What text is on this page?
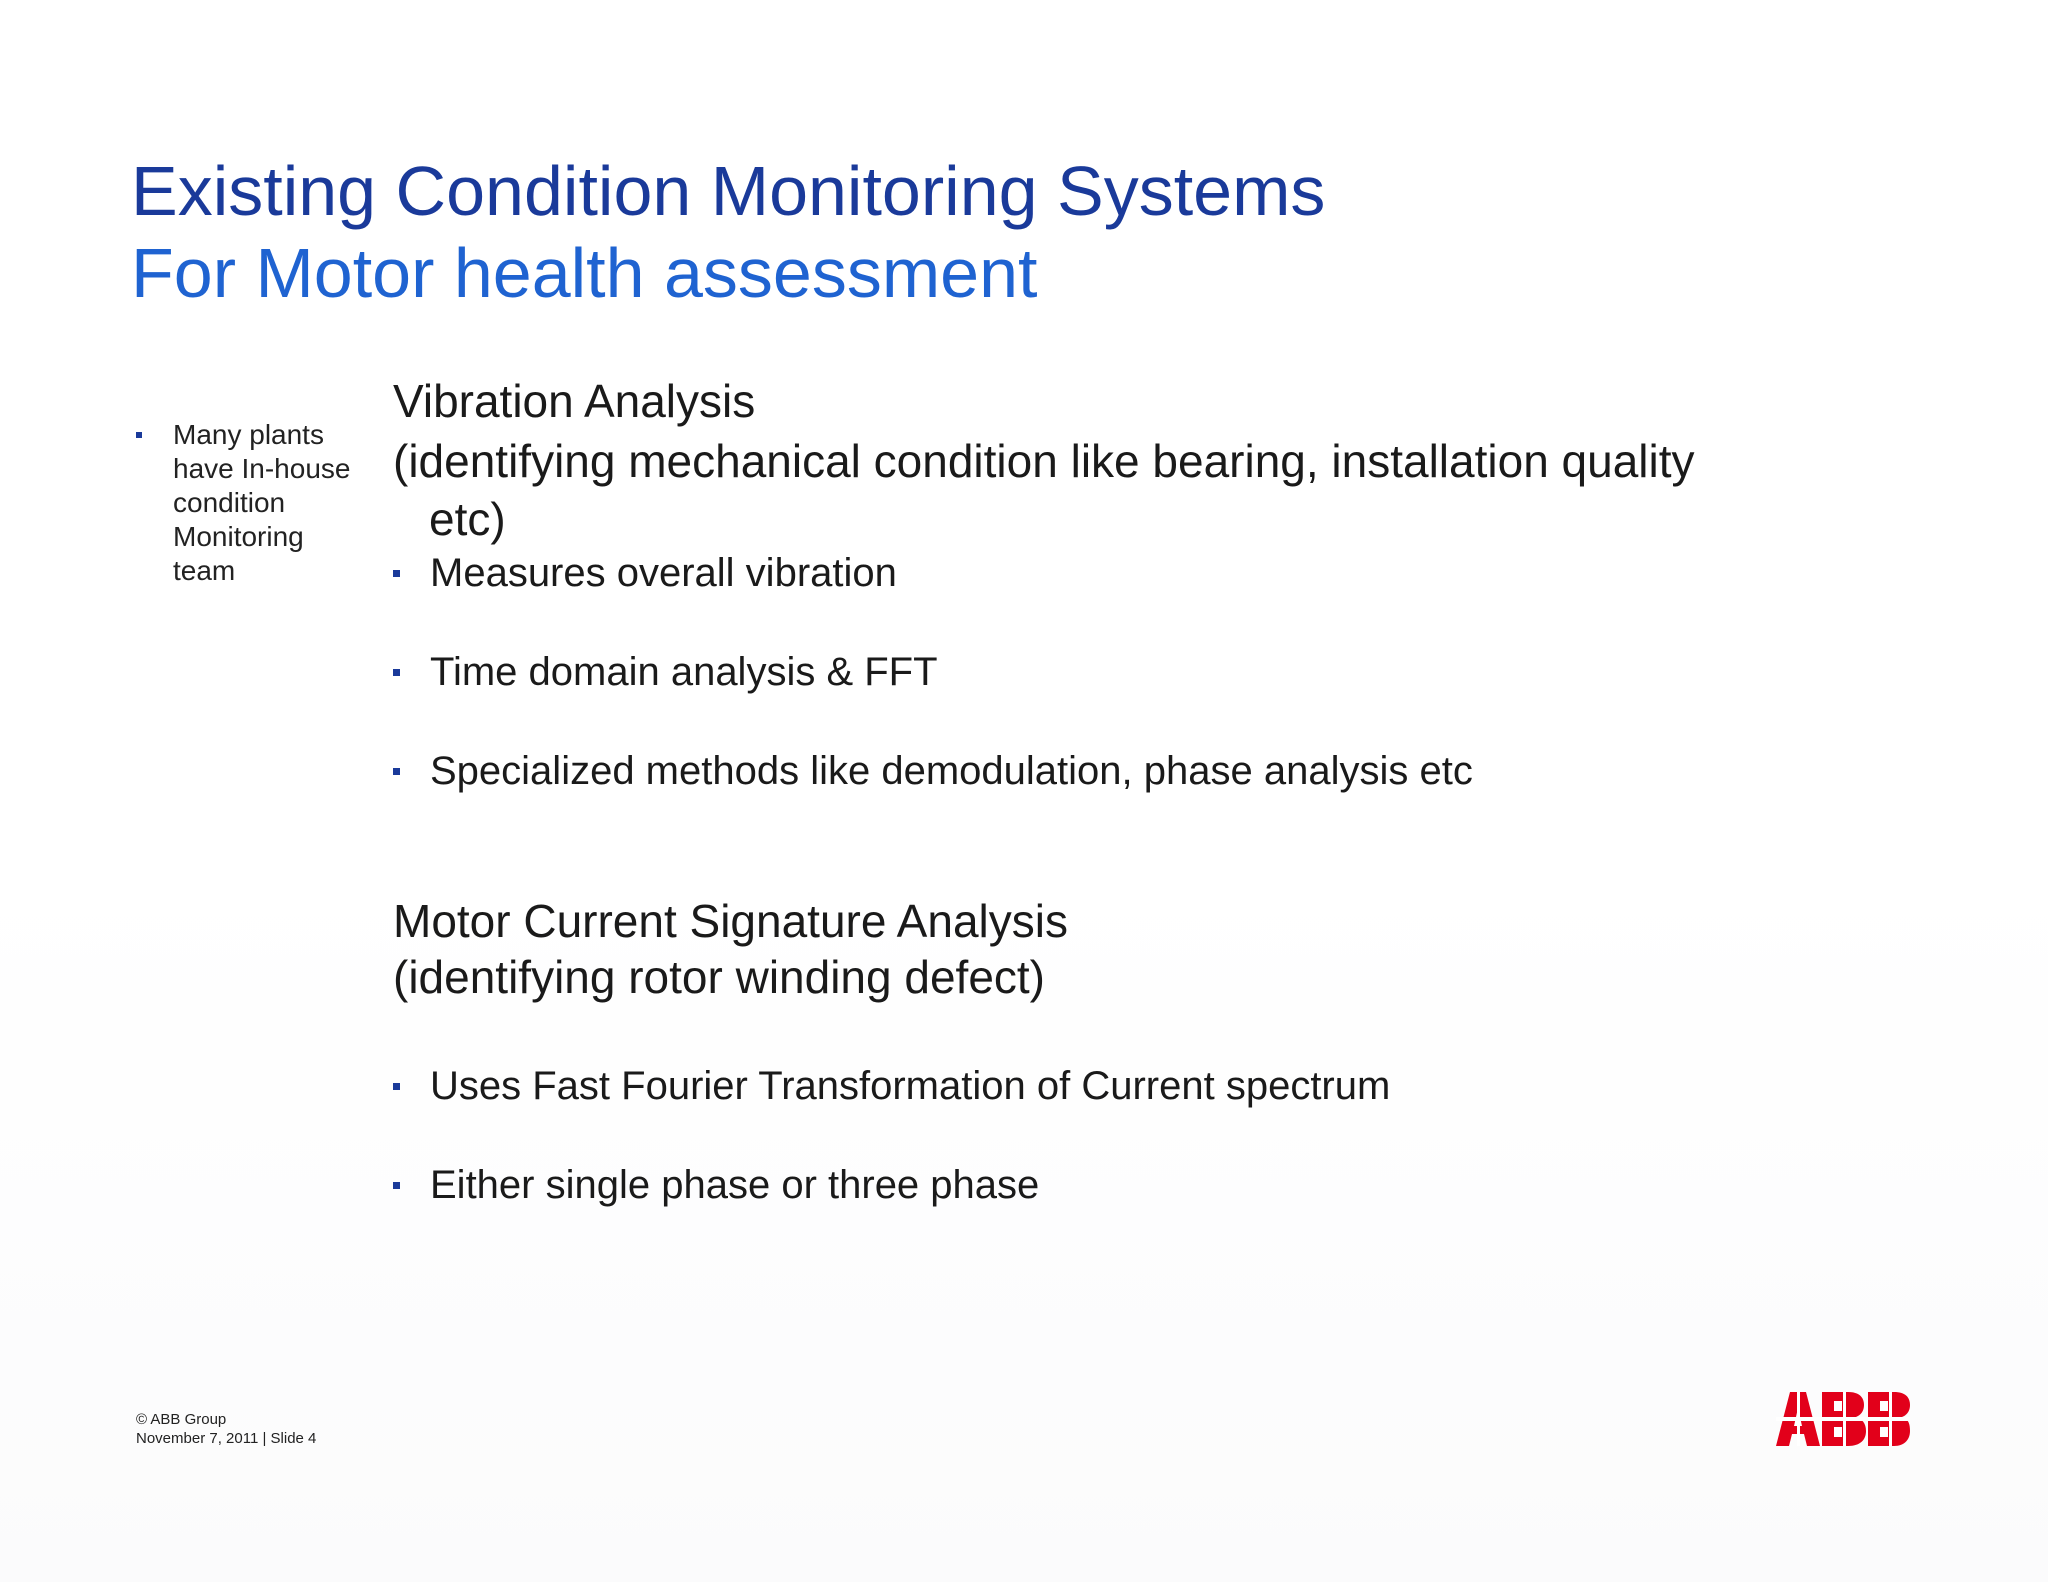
Existing Condition Monitoring Systems
For Motor health assessment
Many plants
have In-house
condition
Monitoring
team
Vibration Analysis
(identifying mechanical condition like bearing, installation quality
etc)
Measures overall vibration
Time domain analysis & FFT
Specialized methods like demodulation, phase analysis etc
Motor Current Signature Analysis
(identifying rotor winding defect)
Uses Fast Fourier Transformation of Current spectrum
Either single phase or three phase
© ABB Group
November 7, 2011 | Slide 4
